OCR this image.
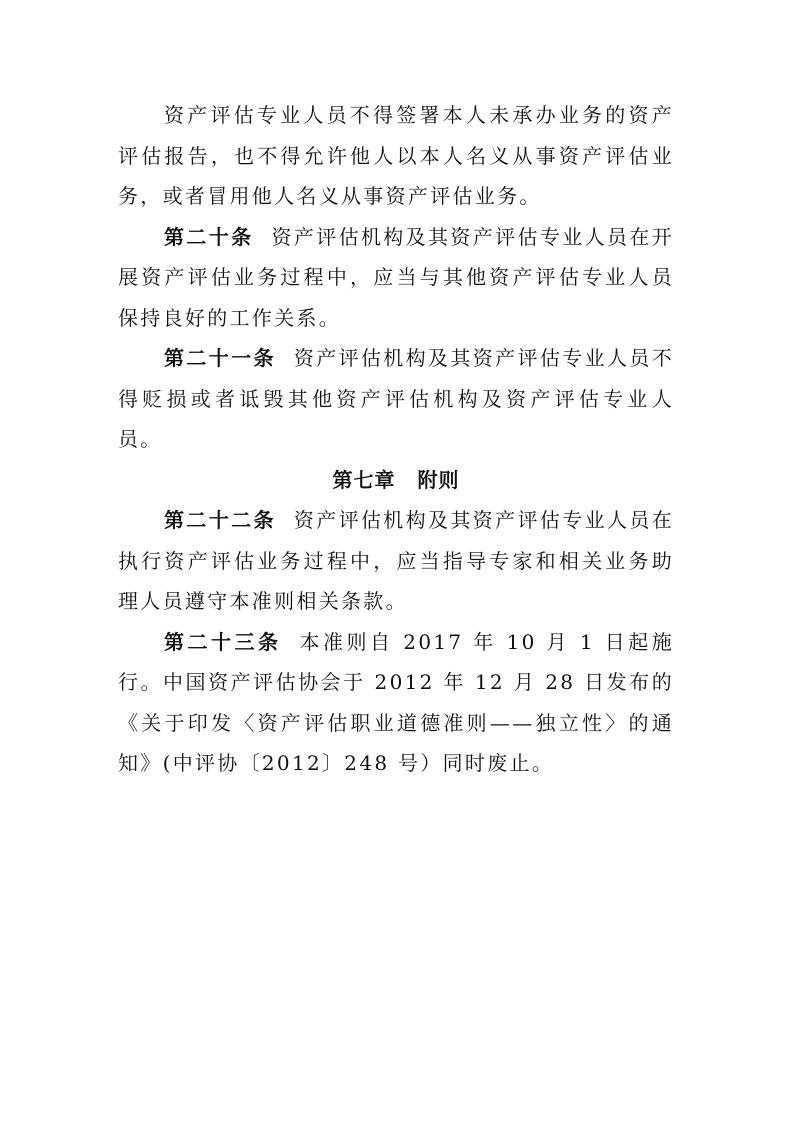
资产评估专业人员不得签署本人未承办业务的资产评估报告，也不得允许他人以本人名义从事资产评估业务，或者冒用他人名义从事资产评估业务。

第二十条 资产评估机构及其资产评估专业人员在开展资产评估业务过程中，应当与其他资产评估专业人员保持良好的工作关系。

第二十一条 资产评估机构及其资产评估专业人员不得贬损或者诋毁其他资产评估机构及资产评估专业人员。

第七章 附则

第二十二条 资产评估机构及其资产评估专业人员在执行资产评估业务过程中，应当指导专家和相关业务助理人员遵守本准则相关条款。

第二十三条 本准则自 2017 年 10 月 1 日起施行。中国资产评估协会于 2012 年 12 月 28 日发布的《关于印发〈资产评估职业道德准则——独立性〉的通知》(中评协〔2012〕248 号）同时废止。
